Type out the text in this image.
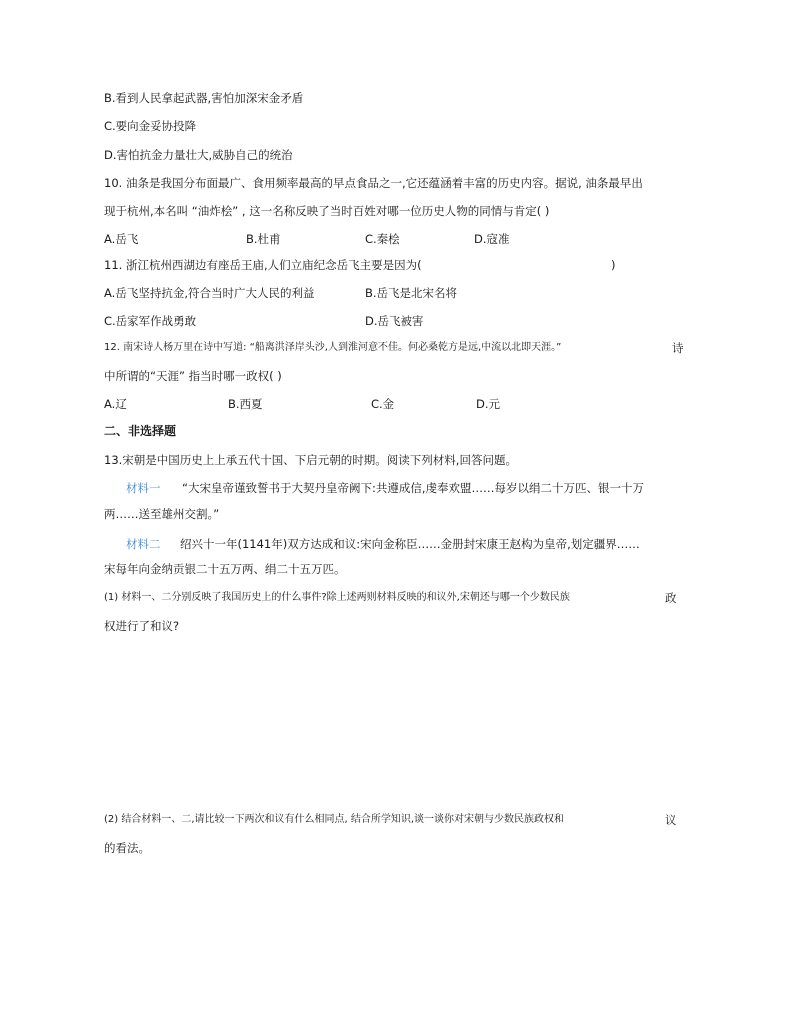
B.看到人民拿起武器,害怕加深宋金矛盾
C.要向金妥协投降
D.害怕抗金力量壮大,威胁自己的统治
10. 油条是我国分布面最广、食用频率最高的早点食品之一,它还蕴涵着丰富的历史内容。据说, 油条最早出
现于杭州,本名叫 “油炸桧” , 这一名称反映了当时百姓对哪一位历史人物的同情与肯定( )
A.岳飞	B.杜甫	C.秦桧	D.寇准
11. 浙江杭州西湖边有座岳王庙,人们立庙纪念岳飞主要是因为(	)
A.岳飞坚持抗金,符合当时广大人民的利益	B.岳飞是北宋名将
C.岳家军作战勇敢	D.岳飞被害
12. 南宋诗人杨万里在诗中写道: “船离洪泽岸头沙,人到淮河意不佳。何必桑乾方是远,中流以北即天涯。”	诗
中所谓的“天涯” 指当时哪一政权( )
A.辽	B.西夏	C.金	D.元
二、非选择题
13.宋朝是中国历史上上承五代十国、下启元朝的时期。阅读下列材料,回答问题。
材料一 “大宋皇帝谨致誓书于大契丹皇帝阙下:共遵成信,虔奉欢盟……每岁以绢二十万匹、银一十万
两……送至雄州交割。”
材料二 绍兴十一年(1141年)双方达成和议:宋向金称臣……金册封宋康王赵构为皇帝,划定疆界……
宋每年向金纳贡银二十五万两、绢二十五万匹。
(1) 材料一、二分别反映了我国历史上的什么事件?除上述两则材料反映的和议外,宋朝还与哪一个少数民族	政
权进行了和议?
(2) 结合材料一、二,请比较一下两次和议有什么相同点, 结合所学知识,谈一谈你对宋朝与少数民族政权和	议
的看法。
